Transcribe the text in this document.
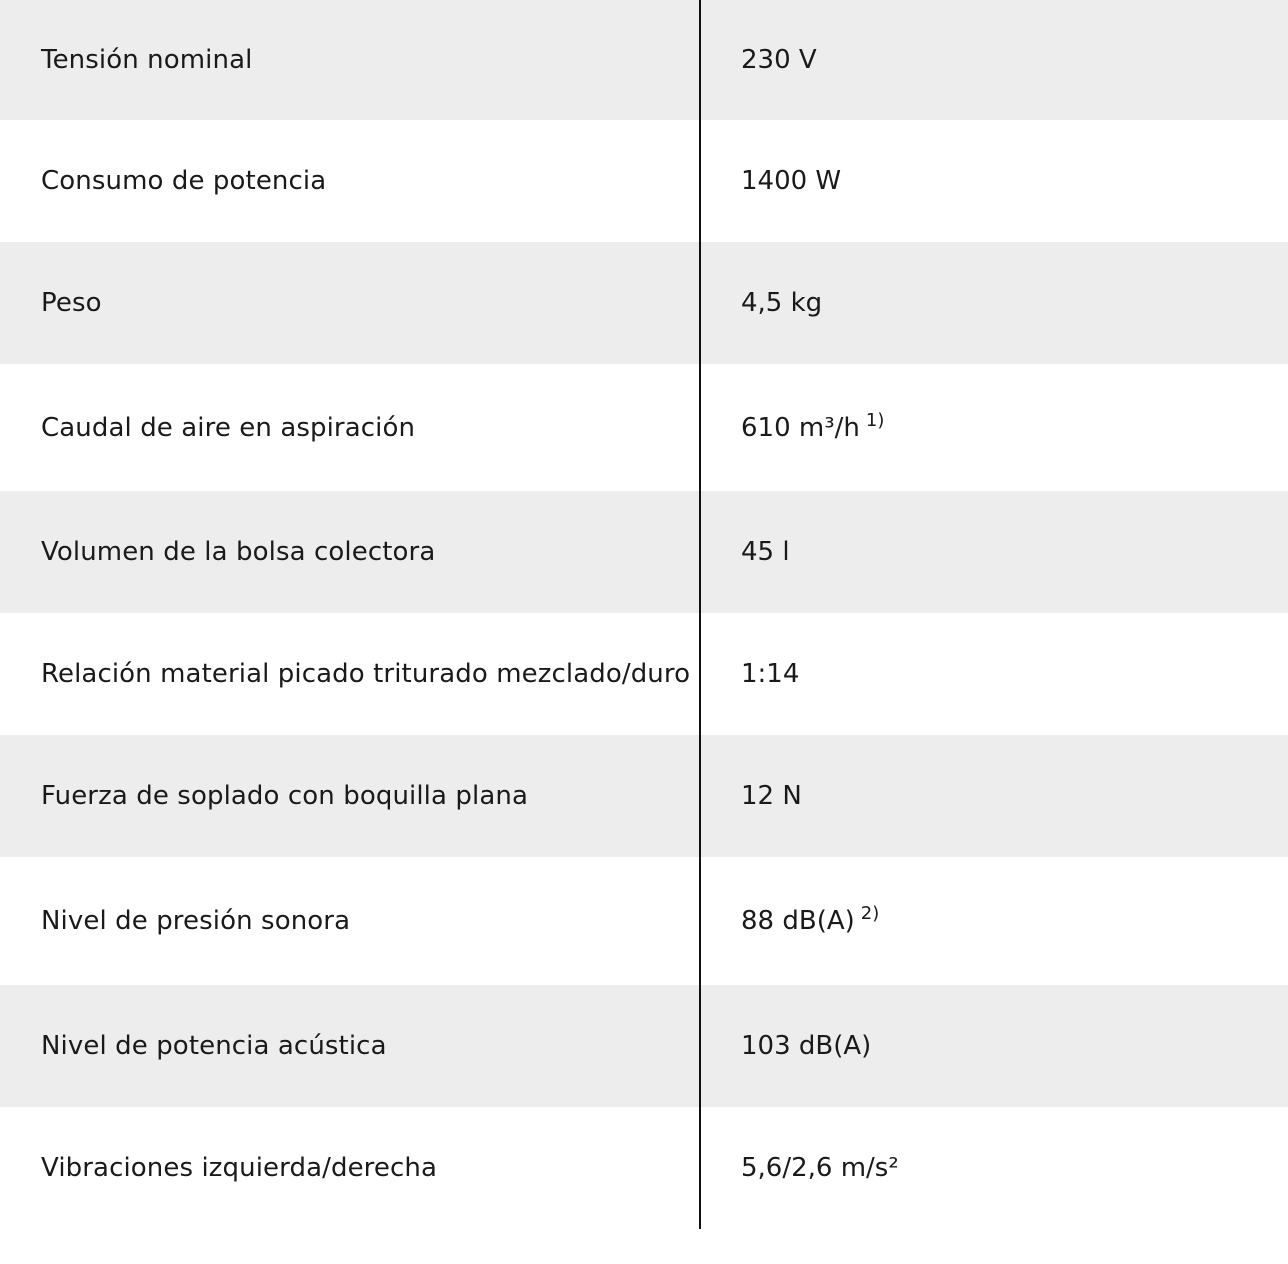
Tensión nominal	230 V
Consumo de potencia	1400 W
Peso	4,5 kg
Caudal de aire en aspiración	610 m³/h $^{1)}$
Volumen de la bolsa colectora	45 l
Relación material picado triturado mezclado/duro	1:14
Fuerza de soplado con boquilla plana	12 N
Nivel de presión sonora	88 dB(A) $^{2)}$
Nivel de potencia acústica	103 dB(A)
Vibraciones izquierda/derecha	5,6/2,6 m/s²
